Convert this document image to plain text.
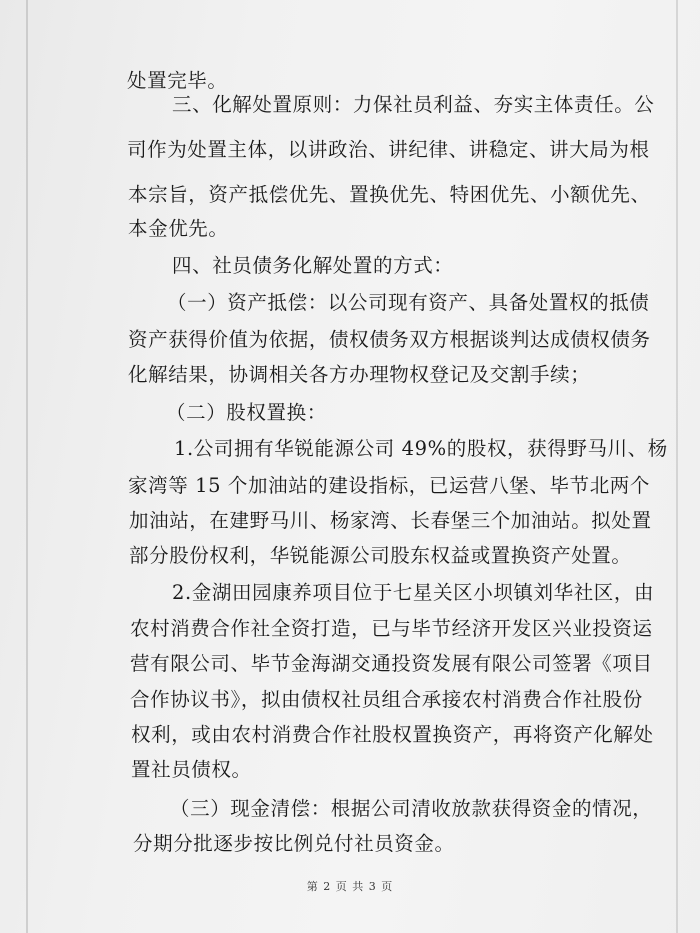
处置完毕。
三、化解处置原则：力保社员利益、夯实主体责任。公
司作为处置主体，以讲政治、讲纪律、讲稳定、讲大局为根
本宗旨，资产抵偿优先、置换优先、特困优先、小额优先、
本金优先。
四、社员债务化解处置的方式：
（一）资产抵偿：以公司现有资产、具备处置权的抵债
资产获得价值为依据，债权债务双方根据谈判达成债权债务
化解结果，协调相关各方办理物权登记及交割手续；
（二）股权置换：
1.公司拥有华锐能源公司 49%的股权，获得野马川、杨
家湾等 15 个加油站的建设指标，已运营八堡、毕节北两个
加油站，在建野马川、杨家湾、长春堡三个加油站。拟处置
部分股份权利，华锐能源公司股东权益或置换资产处置。
2.金湖田园康养项目位于七星关区小坝镇刘华社区，由
农村消费合作社全资打造，已与毕节经济开发区兴业投资运
营有限公司、毕节金海湖交通投资发展有限公司签署《项目
合作协议书》，拟由债权社员组合承接农村消费合作社股份
权利，或由农村消费合作社股权置换资产，再将资产化解处
置社员债权。
（三）现金清偿：根据公司清收放款获得资金的情况，
分期分批逐步按比例兑付社员资金。
第 2 页 共 3 页
